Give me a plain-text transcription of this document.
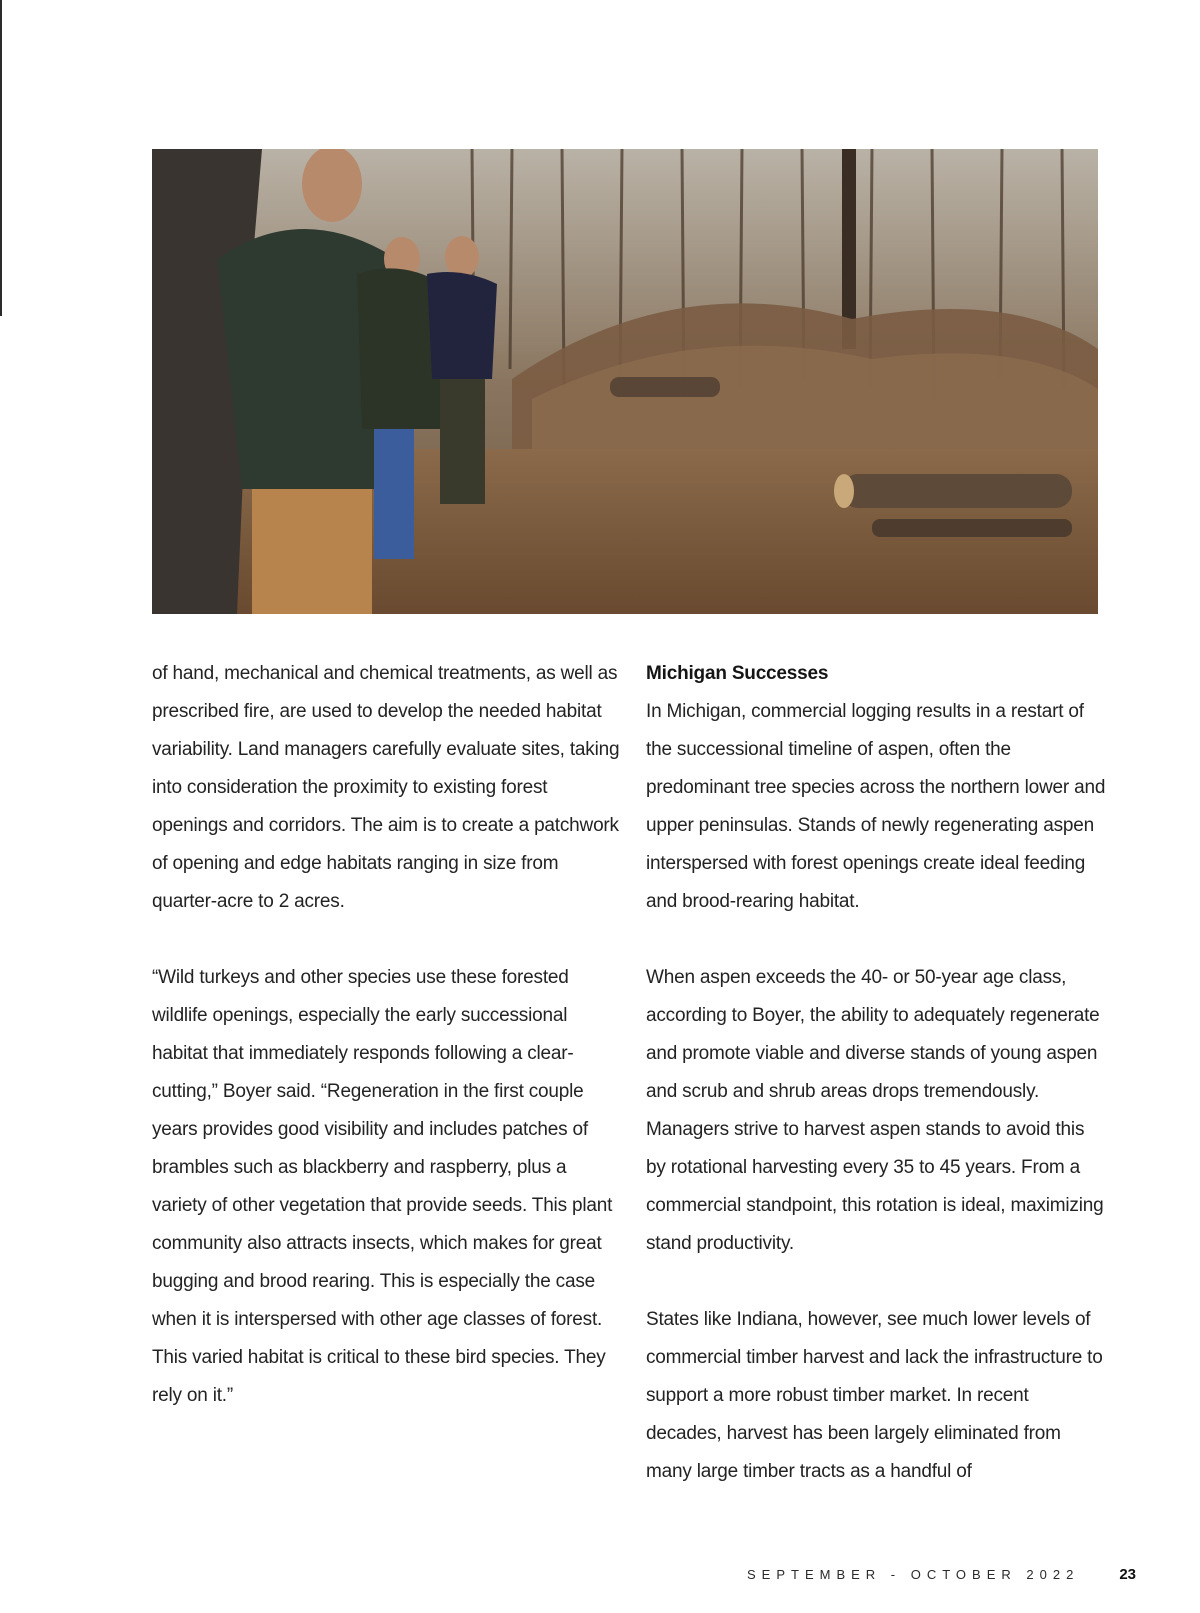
of hand, mechanical and chemical treatments, as well as prescribed fire, are used to develop the needed habitat variability. Land managers carefully evaluate sites, taking into consideration the proximity to existing forest openings and corridors. The aim is to create a patchwork of opening and edge habitats ranging in size from quarter-acre to 2 acres.

“Wild turkeys and other species use these forested wildlife openings, especially the early successional habitat that immediately responds following a clear-cutting,” Boyer said. “Regeneration in the first couple years provides good visibility and includes patches of brambles such as blackberry and raspberry, plus a variety of other vegetation that provide seeds. This plant community also attracts insects, which makes for great bugging and brood rearing. This is especially the case when it is interspersed with other age classes of forest. This varied habitat is critical to these bird species. They rely on it.”

Michigan Successes

In Michigan, commercial logging results in a restart of the successional timeline of aspen, often the predominant tree species across the northern lower and upper peninsulas. Stands of newly regenerating aspen interspersed with forest openings create ideal feeding and brood-rearing habitat.

When aspen exceeds the 40- or 50-year age class, according to Boyer, the ability to adequately regenerate and promote viable and diverse stands of young aspen and scrub and shrub areas drops tremendously. Managers strive to harvest aspen stands to avoid this by rotational harvesting every 35 to 45 years. From a commercial standpoint, this rotation is ideal, maximizing stand productivity.

States like Indiana, however, see much lower levels of commercial timber harvest and lack the infrastructure to support a more robust timber market. In recent decades, harvest has been largely eliminated from many large timber tracts as a handful of

SEPTEMBER - OCTOBER 2022	23
